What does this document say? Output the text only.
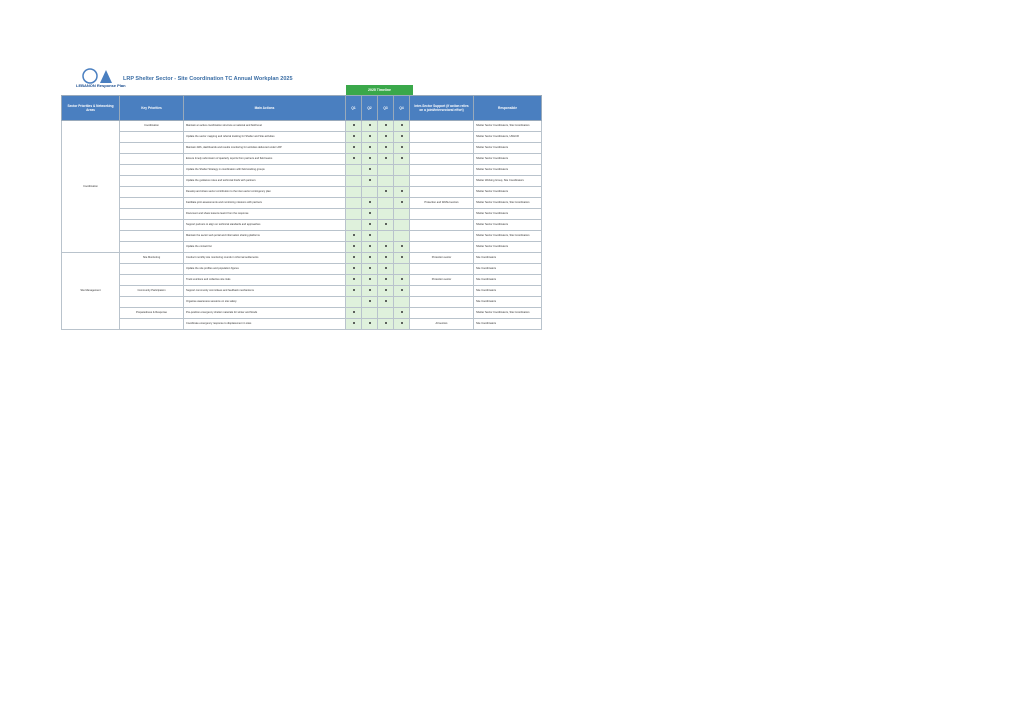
LEBANON Response Plan
LRP Shelter Sector - Site Coordination TC Annual Workplan 2025
2025 Timeline
Sector Priorities & Networking Areas	Key Priorities	Main Actions	Q1	Q2	Q3	Q4	Inter-Sector Support (if action relies on a joint/intersectoral effort)	Responsible
Coordination	Coordination	Maintain an active coordination structure at national and field level						Shelter Sector Coordinators, Site Coordinators
		Update the sector mapping and referral tracking for Shelter and Site activities						Shelter Sector Coordinators, UNHCR
		Maintain 4Ws, dashboards and results monitoring for activities delivered under LRP						Shelter Sector Coordinators
		Ensure timely submission of quarterly reports from partners and field teams						Shelter Sector Coordinators
		Update the Shelter Strategy in coordination with field working groups						Shelter Sector Coordinators
		Update the guidance notes and technical briefs with partners						Shelter Working Group, Site Coordinators
		Develop and share sector contribution to the inter-sector contingency plan						Shelter Sector Coordinators
		Facilitate joint assessments and monitoring missions with partners					Protection and WASH sectors	Shelter Sector Coordinators, Site Coordinators
		Document and share lessons learnt from the response						Shelter Sector Coordinators
		Support partners to align on technical standards and approaches						Shelter Sector Coordinators
		Maintain the sector web portal and information sharing platforms						Shelter Sector Coordinators, Site Coordinators
		Update the contact list						Shelter Sector Coordinators
Site Management	Site Monitoring	Conduct monthly site monitoring rounds in informal settlements					Protection sector	Site Coordinators
		Update the site profiles and population figures						Site Coordinators
		Track evictions and collective site risks					Protection sector	Site Coordinators
	Community Participation	Support community committees and feedback mechanisms						Site Coordinators
		Organise awareness sessions on site safety						Site Coordinators
	Preparedness & Response	Pre-position emergency shelter materials for winter and floods						Shelter Sector Coordinators, Site Coordinators
		Coordinate emergency response to displacement in sites					All sectors	Site Coordinators
